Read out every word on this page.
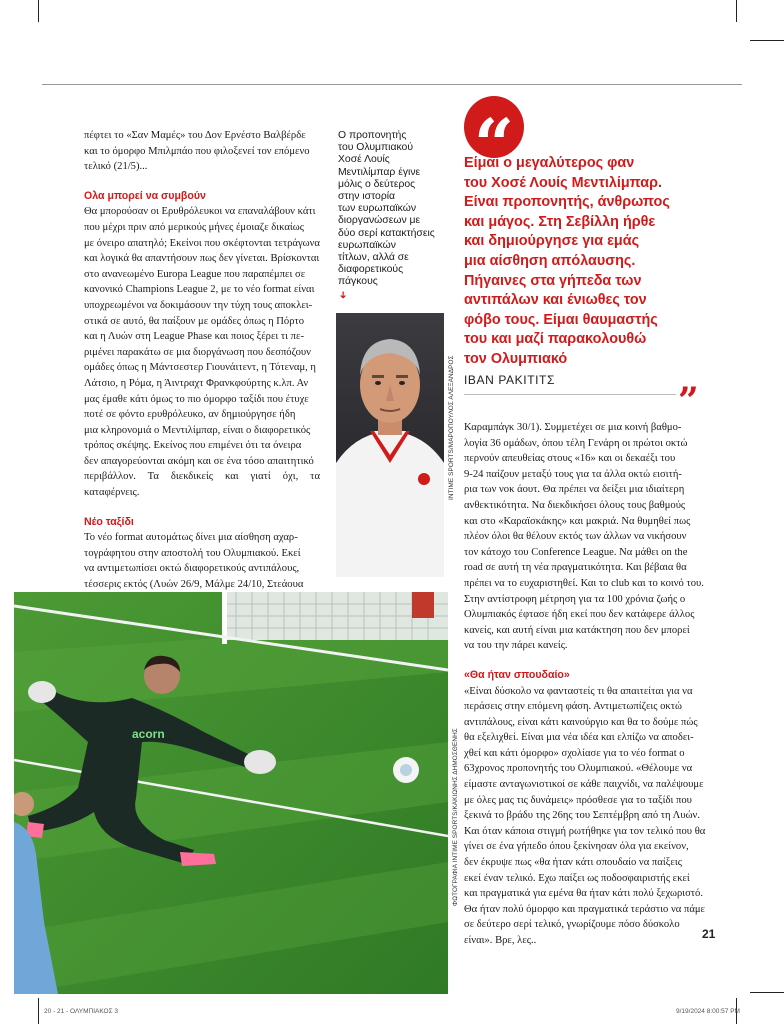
πέφτει το «Σαν Μαμές» του Δον Ερνέστο Βαλβέρδε
και το όμορφο Μπιλμπάο που φιλοξενεί τον επόμενο
τελικό (21/5)...
Ολα μπορεί να συμβούν
Θα μπορούσαν οι Ερυθρόλευκοι να επαναλάβουν κάτι
που μέχρι πριν από μερικούς μήνες έμοιαζε δικαίως
με όνειρο απατηλό; Εκείνοι που σκέφτονται τετράγωνα
και λογικά θα απαντήσουν πως δεν γίνεται. Βρίσκονται
στο ανανεωμένο Europa League που παραπέμπει σε
κανονικό Champions League 2, με το νέο format είναι
υποχρεωμένοι να δοκιμάσουν την τύχη τους αποκλει-
στικά σε αυτό, θα παίξουν με ομάδες όπως η Πόρτο
και η Λυών στη League Phase και ποιος ξέρει τι πε-
ριμένει παρακάτω σε μια διοργάνωση που δεσπόζουν
ομάδες όπως η Μάντσεστερ Γιουνάιτεντ, η Τότεναμ, η
Λάτσιο, η Ρόμα, η Άιντραχτ Φρανκφούρτης κ.λπ. Αν
μας έμαθε κάτι όμως το πιο όμορφο ταξίδι που έτυχε
ποτέ σε φόντο ερυθρόλευκο, αν δημιούργησε ήδη
μια κληρονομιά ο Μεντιλίμπαρ, είναι ο διαφορετικός
τρόπος σκέψης. Εκείνος που επιμένει ότι τα όνειρα
δεν απαγορεύονται ακόμη και σε ένα τόσο απαιτητικό
περιβάλλον. Τα διεκδικείς και γιατί όχι, τα καταφέρνεις.
Νέο ταξίδι
Το νέο format αυτομάτως δίνει μια αίσθηση αχαρ-
τογράφητου στην αποστολή του Ολυμπιακού. Εκεί
να αντιμετωπίσει οκτώ διαφορετικούς αντιπάλους,
τέσσερις εκτός (Λυών 26/9, Μάλμε 24/10, Στεάουα
Ο προπονητής
του Ολυμπιακού
Χοσέ Λουίς
Μεντιλίμπαρ έγινε
μόλις ο δεύτερος
στην ιστορία
των ευρωπαϊκών
διοργανώσεων με
δύο σερί κατακτήσεις
ευρωπαϊκών
τίτλων, αλλά σε
διαφορετικούς
πάγκους
➜
INTIME SPORTS/ΜΑΡΟΠΟΥΛΟΣ ΑΛΕΞΑΝΔΡΟΣ
“
Είμαι ο μεγαλύτερος φαν
του Χοσέ Λουίς Μεντιλίμπαρ.
Είναι προπονητής, άνθρωπος
και μάγος. Στη Σεβίλλη ήρθε
και δημιούργησε για εμάς
μια αίσθηση απόλαυσης.
Πήγαινες στα γήπεδα των
αντιπάλων και ένιωθες τον
φόβο τους. Είμαι θαυμαστής
του και μαζί παρακολουθώ
τον Ολυμπιακό
ΙΒΑΝ ΡΑΚΙΤΙΤΣ	”
Καραμπάγκ 30/1). Συμμετέχει σε μια κοινή βαθμο-
λογία 36 ομάδων, όπου τέλη Γενάρη οι πρώτοι οκτώ
περνούν απευθείας στους «16» και οι δεκαέξι του
9-24 παίζουν μεταξύ τους για τα άλλα οκτώ εισιτή-
ρια των νοκ άουτ. Θα πρέπει να δείξει μια ιδιαίτερη
ανθεκτικότητα. Να διεκδικήσει όλους τους βαθμούς
και στο «Καραϊσκάκης» και μακριά. Να θυμηθεί πως
πλέον όλοι θα θέλουν εκτός των άλλων να νικήσουν
τον κάτοχο του Conference League. Να μάθει on the
road σε αυτή τη νέα πραγματικότητα. Και βέβαια θα
πρέπει να το ευχαριστηθεί. Και το club και το κοινό του.
Στην αντίστροφη μέτρηση για τα 100 χρόνια ζωής ο
Ολυμπιακός έφτασε ήδη εκεί που δεν κατάφερε άλλος
κανείς, και αυτή είναι μια κατάκτηση που δεν μπορεί
να του την πάρει κανείς.
«Θα ήταν σπουδαίο»
«Είναι δύσκολο να φανταστείς τι θα απαιτείται για να
περάσεις στην επόμενη φάση. Αντιμετωπίζεις οκτώ
αντιπάλους, είναι κάτι καινούργιο και θα το δούμε πώς
θα εξελιχθεί. Είναι μια νέα ιδέα και ελπίζω να αποδει-
χθεί και κάτι όμορφο» σχολίασε για το νέο format ο
63χρονος προπονητής του Ολυμπιακού. «Θέλουμε να
είμαστε ανταγωνιστικοί σε κάθε παιχνίδι, να παλέψουμε
με όλες μας τις δυνάμεις» πρόσθεσε για το ταξίδι που
ξεκινά το βράδυ της 26ης του Σεπτέμβρη από τη Λυών.
Και όταν κάποια στιγμή ρωτήθηκε για τον τελικό που θα
γίνει σε ένα γήπεδο όπου ξεκίνησαν όλα για εκείνον,
δεν έκρυψε πως «θα ήταν κάτι σπουδαίο να παίξεις
εκεί έναν τελικό. Εχω παίξει ως ποδοσφαιριστής εκεί
και πραγματικά για εμένα θα ήταν κάτι πολύ ξεχωριστό.
Θα ήταν πολύ όμορφο και πραγματικά τεράστιο να πάμε
σε δεύτερο σερί τελικό, γνωρίζουμε πόσο δύσκολο
είναι». Βρε, λες..
acorn	ΦΩΤΟΓΡΑΦΙΑ INTIME SPORTS/ΚΑΚΙΩΝΗΣ ΔΗΜΟΣΘΕΝΗΣ
21
20 - 21 - ΟΛΥΜΠΙΑΚΟΣ 3	9/19/2024 8:00:57 PM
